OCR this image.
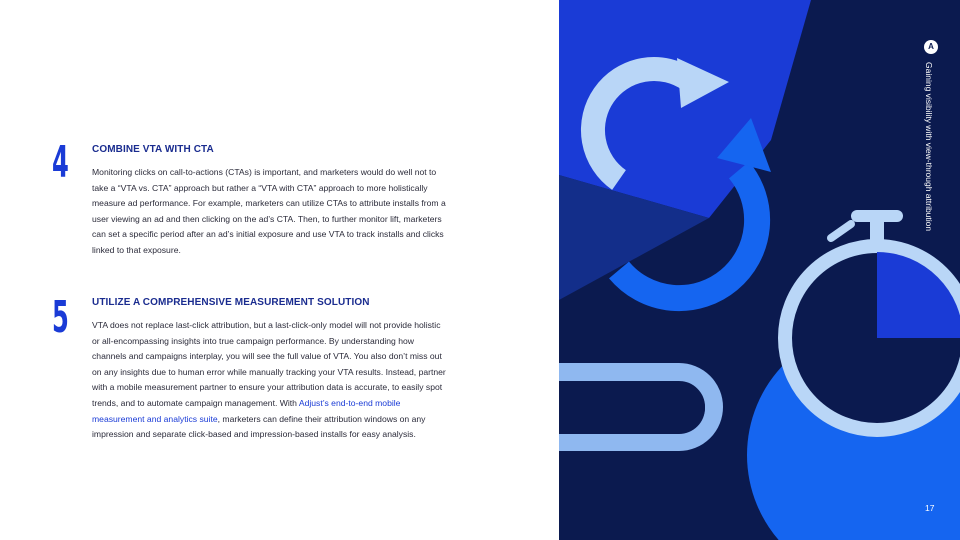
4 COMBINE VTA WITH CTA
Monitoring clicks on call-to-actions (CTAs) is important, and marketers would do well not to take a “VTA vs. CTA” approach but rather a “VTA with CTA” approach to more holistically measure ad performance. For example, marketers can utilize CTAs to attribute installs from a user viewing an ad and then clicking on the ad’s CTA. Then, to further monitor lift, marketers can set a specific period after an ad’s initial exposure and use VTA to track installs and clicks linked to that exposure.
5 UTILIZE A COMPREHENSIVE MEASUREMENT SOLUTION
VTA does not replace last-click attribution, but a last-click-only model will not provide holistic or all-encompassing insights into true campaign performance. By understanding how channels and campaigns interplay, you will see the full value of VTA. You also don’t miss out on any insights due to human error while manually tracking your VTA results. Instead, partner with a mobile measurement partner to ensure your attribution data is accurate, to easily spot trends, and to automate campaign management. With Adjust’s end-to-end mobile measurement and analytics suite, marketers can define their attribution windows on any impression and separate click-based and impression-based installs for easy analysis.
A
Gaining visibility with view-through attribution
17
